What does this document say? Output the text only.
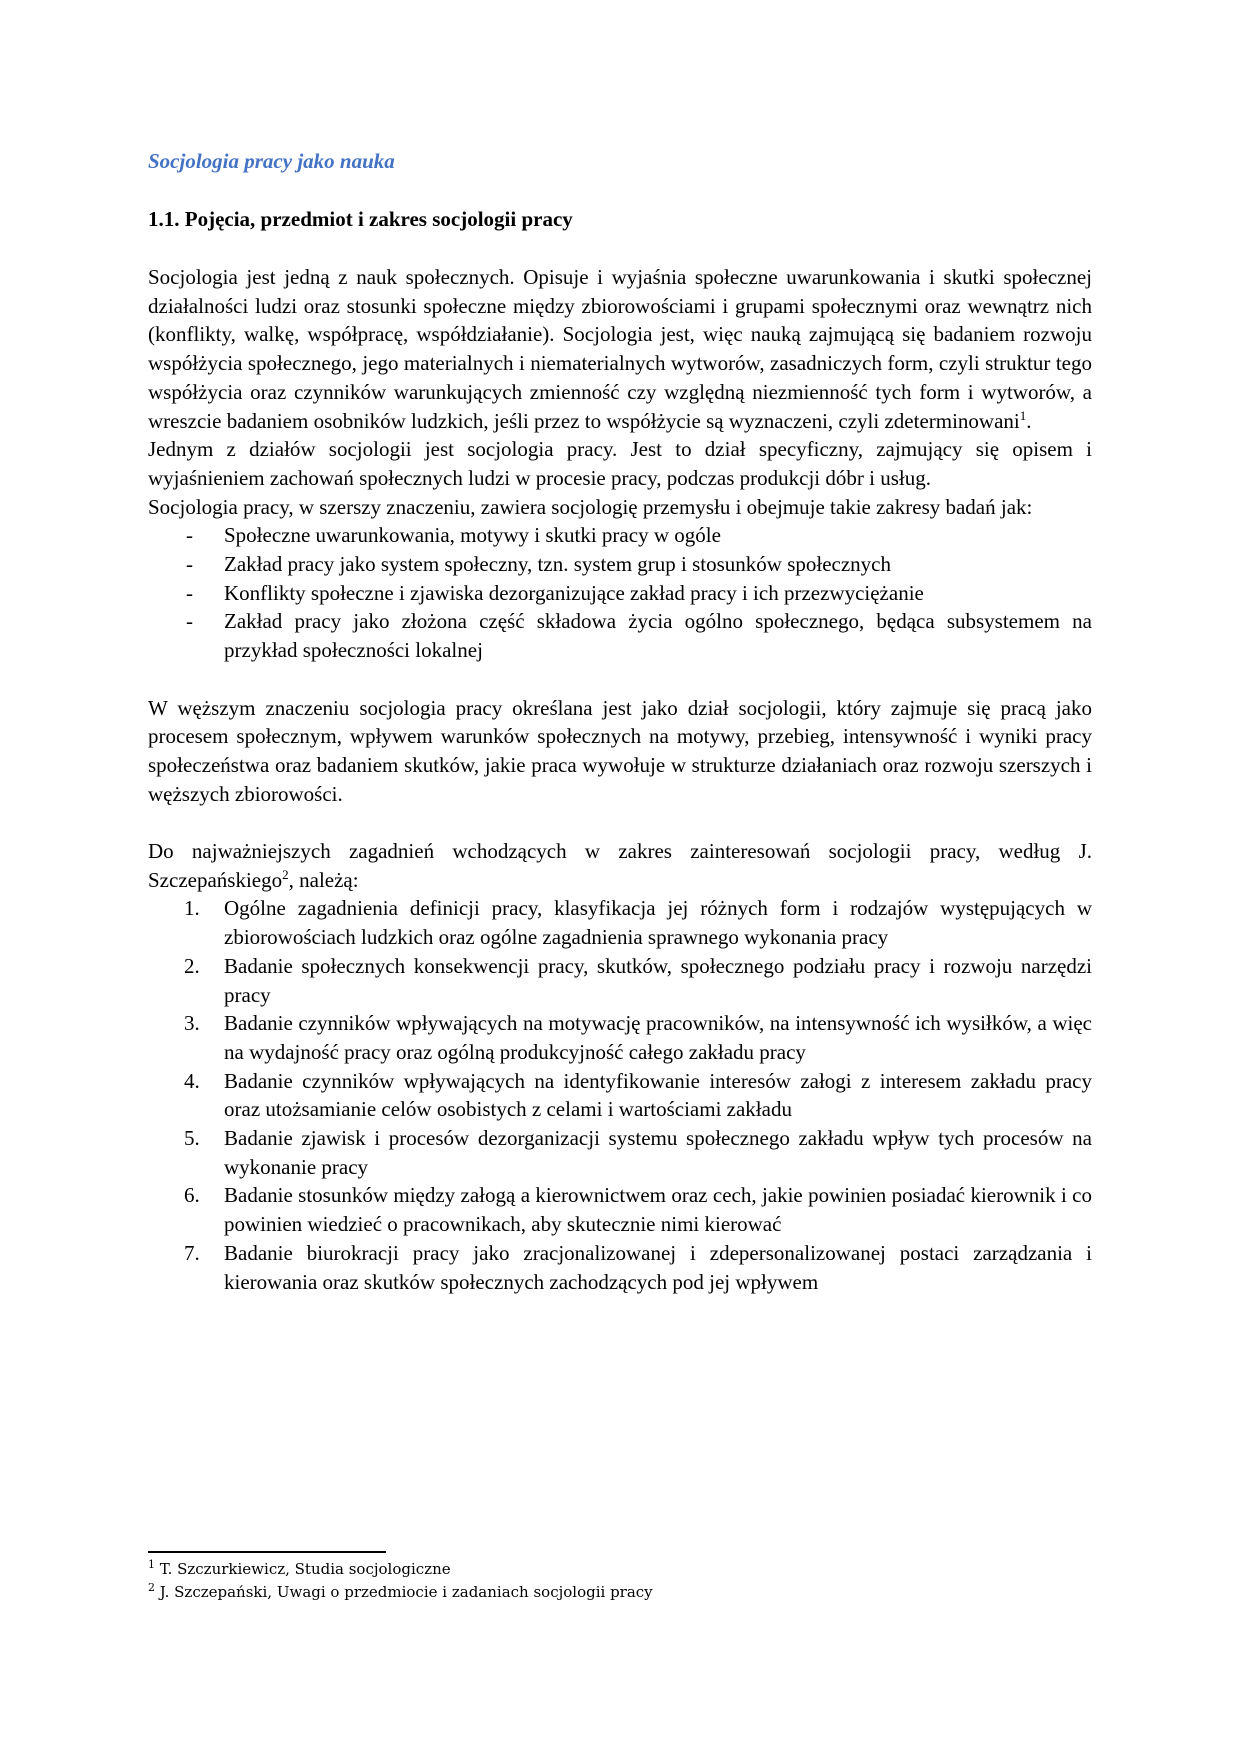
Socjologia pracy jako nauka
1.1. Pojęcia, przedmiot i zakres socjologii pracy

Socjologia jest jedną z nauk społecznych. Opisuje i wyjaśnia społeczne uwarunkowania i skutki społecznej działalności ludzi oraz stosunki społeczne między zbiorowościami i grupami społecznymi oraz wewnątrz nich (konflikty, walkę, współpracę, współdziałanie). Socjologia jest, więc nauką zajmującą się badaniem rozwoju współżycia społecznego, jego materialnych i niematerialnych wytworów, zasadniczych form, czyli struktur tego współżycia oraz czynników warunkujących zmienność czy względną niezmienność tych form i wytworów, a wreszcie badaniem osobników ludzkich, jeśli przez to współżycie są wyznaczeni, czyli zdeterminowani$^1$.

Jednym z działów socjologii jest socjologia pracy. Jest to dział specyficzny, zajmujący się opisem i wyjaśnieniem zachowań społecznych ludzi w procesie pracy, podczas produkcji dóbr i usług.

Socjologia pracy, w szerszy znaczeniu, zawiera socjologię przemysłu i obejmuje takie zakresy badań jak:

- Społeczne uwarunkowania, motywy i skutki pracy w ogóle
- Zakład pracy jako system społeczny, tzn. system grup i stosunków społecznych
- Konflikty społeczne i zjawiska dezorganizujące zakład pracy i ich przezwyciężanie
- Zakład pracy jako złożona część składowa życia ogólno społecznego, będąca subsystemem na przykład społeczności lokalnej

W węższym znaczeniu socjologia pracy określana jest jako dział socjologii, który zajmuje się pracą jako procesem społecznym, wpływem warunków społecznych na motywy, przebieg, intensywność i wyniki pracy społeczeństwa oraz badaniem skutków, jakie praca wywołuje w strukturze działaniach oraz rozwoju szerszych i węższych zbiorowości.

Do najważniejszych zagadnień wchodzących w zakres zainteresowań socjologii pracy, według J. Szczepańskiego$^2$, należą:

1. Ogólne zagadnienia definicji pracy, klasyfikacja jej różnych form i rodzajów występujących w zbiorowościach ludzkich oraz ogólne zagadnienia sprawnego wykonania pracy
2. Badanie społecznych konsekwencji pracy, skutków, społecznego podziału pracy i rozwoju narzędzi pracy
3. Badanie czynników wpływających na motywację pracowników, na intensywność ich wysiłków, a więc na wydajność pracy oraz ogólną produkcyjność całego zakładu pracy
4. Badanie czynników wpływających na identyfikowanie interesów załogi z interesem zakładu pracy oraz utożsamianie celów osobistych z celami i wartościami zakładu
5. Badanie zjawisk i procesów dezorganizacji systemu społecznego zakładu wpływ tych procesów na wykonanie pracy
6. Badanie stosunków między załogą a kierownictwem oraz cech, jakie powinien posiadać kierownik i co powinien wiedzieć o pracownikach, aby skutecznie nimi kierować
7. Badanie biurokracji pracy jako zracjonalizowanej i zdepersonalizowanej postaci zarządzania i kierowania oraz skutków społecznych zachodzących pod jej wpływem
$^1$ T. Szczurkiewicz, Studia socjologiczne
$^2$ J. Szczepański, Uwagi o przedmiocie i zadaniach socjologii pracy
